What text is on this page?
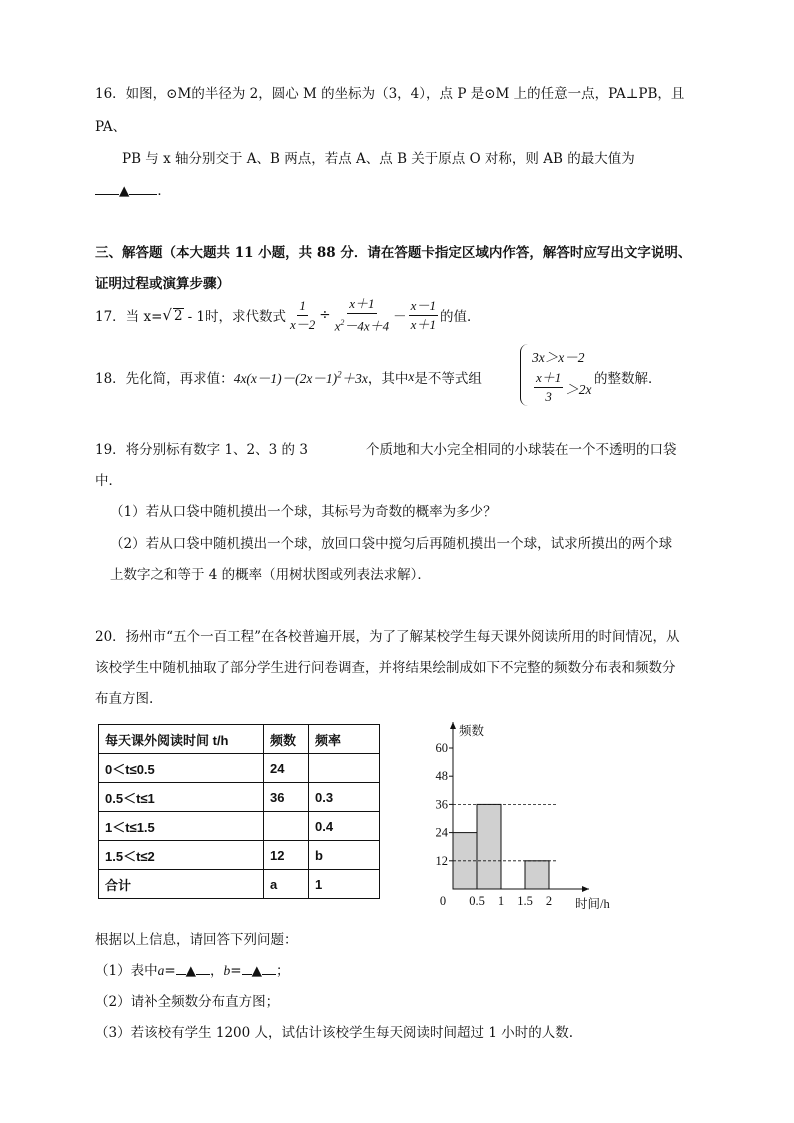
16．如图，⊙M的半径为 2，圆心 M 的坐标为（3，4），点 P 是⊙M 上的任意一点，PA⊥PB，且
PA、
PB 与 x 轴分别交于 A、B 两点，若点 A、点 B 关于原点 O 对称，则 AB 的最大值为
▲ ．
三、解答题（本大题共 11 小题，共 88 分．请在答题卡指定区域内作答，解答时应写出文字说明、
证明过程或演算步骤）
17．当 x= √ 2 - 1时，求代数式 $\frac{1}{x-2} \div \frac{x+1}{x^2-4x+4} - \frac{x-1}{x+1}$ 的值．
18．先化简，再求值： $4x(x-1)-(2x-1)^2+3x$ ，其中 x 是不等式组
3x＞x－2
$\frac{x+1}{3} >2x$
的整数解．
19．将分别标有数字 1、2、3 的 3	个质地和大小完全相同的小球装在一个不透明的口袋
中．
（1）若从口袋中随机摸出一个球，其标号为奇数的概率为多少？
（2）若从口袋中随机摸出一个球，放回口袋中搅匀后再随机摸出一个球，试求所摸出的两个球
上数字之和等于 4 的概率（用树状图或列表法求解）．
20．扬州市“五个一百工程”在各校普遍开展，为了了解某校学生每天课外阅读所用的时间情况，从
该校学生中随机抽取了部分学生进行问卷调查，并将结果绘制成如下不完整的频数分布表和频数分
布直方图.
每天课外阅读时间 t/h	频数	频率
0＜t≤0.5	24	
0.5＜t≤1	36	0.3
1＜t≤1.5		0.4
1.5＜t≤2	12	b
合计	a	1
12
24
36
48
60
0.5 1 1.5 2
0
频数
时间/h
根据以上信息，请回答下列问题：
（1）表中a= ▲ ，b= ▲ ；
（2）请补全频数分布直方图；
（3）若该校有学生 1200 人，试估计该校学生每天阅读时间超过 1 小时的人数.
